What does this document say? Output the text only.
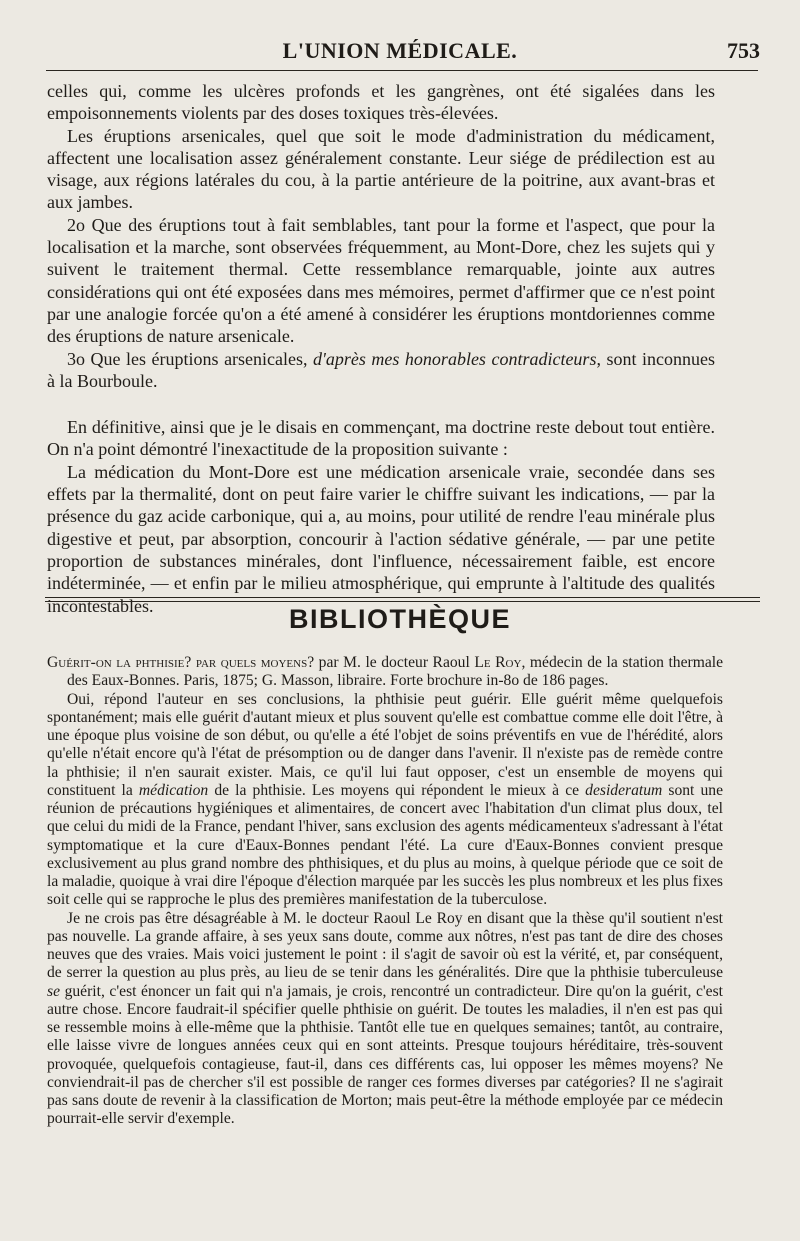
L'UNION MÉDICALE.	753

celles qui, comme les ulcères profonds et les gangrènes, ont été sigalées dans les empoisonnements violents par des doses toxiques très-élevées.

Les éruptions arsenicales, quel que soit le mode d'administration du médicament, affectent une localisation assez généralement constante. Leur siége de prédilection est au visage, aux régions latérales du cou, à la partie antérieure de la poitrine, aux avant-bras et aux jambes.

2o Que des éruptions tout à fait semblables, tant pour la forme et l'aspect, que pour la localisation et la marche, sont observées fréquemment, au Mont-Dore, chez les sujets qui y suivent le traitement thermal. Cette ressemblance remarquable, jointe aux autres considérations qui ont été exposées dans mes mémoires, permet d'affirmer que ce n'est point par une analogie forcée qu'on a été amené à considérer les éruptions montdoriennes comme des éruptions de nature arsenicale.

3o Que les éruptions arsenicales, d'après mes honorables contradicteurs, sont inconnues à la Bourboule.

En définitive, ainsi que je le disais en commençant, ma doctrine reste debout tout entière. On n'a point démontré l'inexactitude de la proposition suivante :

La médication du Mont-Dore est une médication arsenicale vraie, secondée dans ses effets par la thermalité, dont on peut faire varier le chiffre suivant les indications, — par la présence du gaz acide carbonique, qui a, au moins, pour utilité de rendre l'eau minérale plus digestive et peut, par absorption, concourir à l'action sédative générale, — par une petite proportion de substances minérales, dont l'influence, nécessairement faible, est encore indéterminée, — et enfin par le milieu atmosphérique, qui emprunte à l'altitude des qualités incontestables.	BIBLIOTHÈQUE

Guérit-on la phthisie? par quels moyens? par M. le docteur Raoul Le Roy, médecin de la station thermale des Eaux-Bonnes. Paris, 1875; G. Masson, libraire. Forte brochure in-8o de 186 pages.

Oui, répond l'auteur en ses conclusions, la phthisie peut guérir. Elle guérit même quelquefois spontanément; mais elle guérit d'autant mieux et plus souvent qu'elle est combattue comme elle doit l'être, à une époque plus voisine de son début, ou qu'elle a été l'objet de soins préventifs en vue de l'hérédité, alors qu'elle n'était encore qu'à l'état de présomption ou de danger dans l'avenir. Il n'existe pas de remède contre la phthisie; il n'en saurait exister. Mais, ce qu'il lui faut opposer, c'est un ensemble de moyens qui constituent la médication de la phthisie. Les moyens qui répondent le mieux à ce desideratum sont une réunion de précautions hygiéniques et alimentaires, de concert avec l'habitation d'un climat plus doux, tel que celui du midi de la France, pendant l'hiver, sans exclusion des agents médicamenteux s'adressant à l'état symptomatique et la cure d'Eaux-Bonnes pendant l'été. La cure d'Eaux-Bonnes convient presque exclusivement au plus grand nombre des phthisiques, et du plus au moins, à quelque période que ce soit de la maladie, quoique à vrai dire l'époque d'élection marquée par les succès les plus nombreux et les plus fixes soit celle qui se rapproche le plus des premières manifestation de la tuberculose.

Je ne crois pas être désagréable à M. le docteur Raoul Le Roy en disant que la thèse qu'il soutient n'est pas nouvelle. La grande affaire, à ses yeux sans doute, comme aux nôtres, n'est pas tant de dire des choses neuves que des vraies. Mais voici justement le point : il s'agit de savoir où est la vérité, et, par conséquent, de serrer la question au plus près, au lieu de se tenir dans les généralités. Dire que la phthisie tuberculeuse se guérit, c'est énoncer un fait qui n'a jamais, je crois, rencontré un contradicteur. Dire qu'on la guérit, c'est autre chose. Encore faudrait-il spécifier quelle phthisie on guérit. De toutes les maladies, il n'en est pas qui se ressemble moins à elle-même que la phthisie. Tantôt elle tue en quelques semaines; tantôt, au contraire, elle laisse vivre de longues années ceux qui en sont atteints. Presque toujours héréditaire, très-souvent provoquée, quelquefois contagieuse, faut-il, dans ces différents cas, lui opposer les mêmes moyens? Ne conviendrait-il pas de chercher s'il est possible de ranger ces formes diverses par catégories? Il ne s'agirait pas sans doute de revenir à la classification de Morton; mais peut-être la méthode employée par ce médecin pourrait-elle servir d'exemple.
